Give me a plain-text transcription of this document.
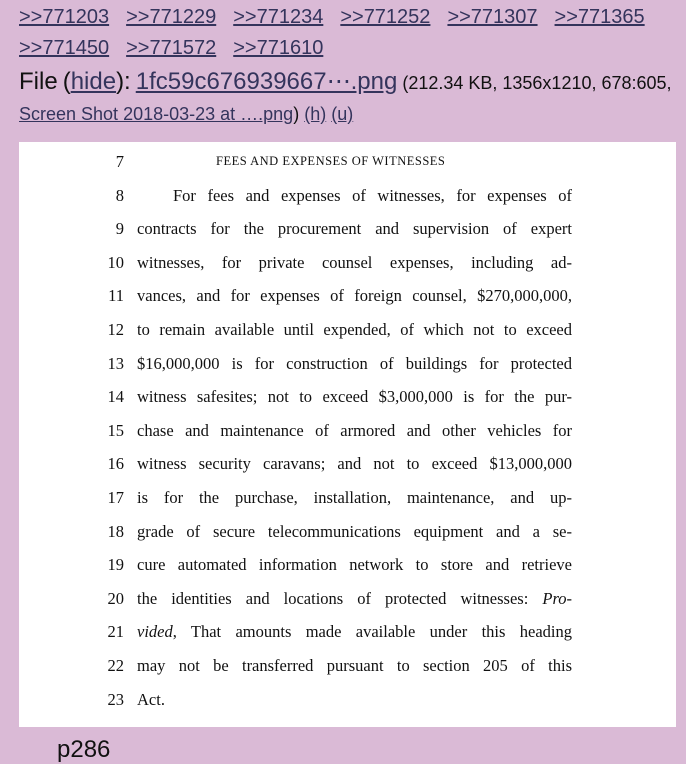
>>771203 >>771229 >>771234 >>771252 >>771307 >>771365
>>771450 >>771572 >>771610
File (hide): 1fc59c676939667⋯.png (212.34 KB, 1356x1210, 678:605, Screen Shot 2018-03-23 at ….png) (h) (u)
FEES AND EXPENSES OF WITNESSES
7
8	For fees and expenses of witnesses, for expenses of
9 contracts for the procurement and supervision of expert
10 witnesses, for private counsel expenses, including ad-
11 vances, and for expenses of foreign counsel, $270,000,000,
12 to remain available until expended, of which not to exceed
13 $16,000,000 is for construction of buildings for protected
14 witness safesites; not to exceed $3,000,000 is for the pur-
15 chase and maintenance of armored and other vehicles for
16 witness security caravans; and not to exceed $13,000,000
17 is for the purchase, installation, maintenance, and up-
18 grade of secure telecommunications equipment and a se-
19 cure automated information network to store and retrieve
20 the identities and locations of protected witnesses: Pro-
21 vided, That amounts made available under this heading
22 may not be transferred pursuant to section 205 of this
23 Act.
p286
